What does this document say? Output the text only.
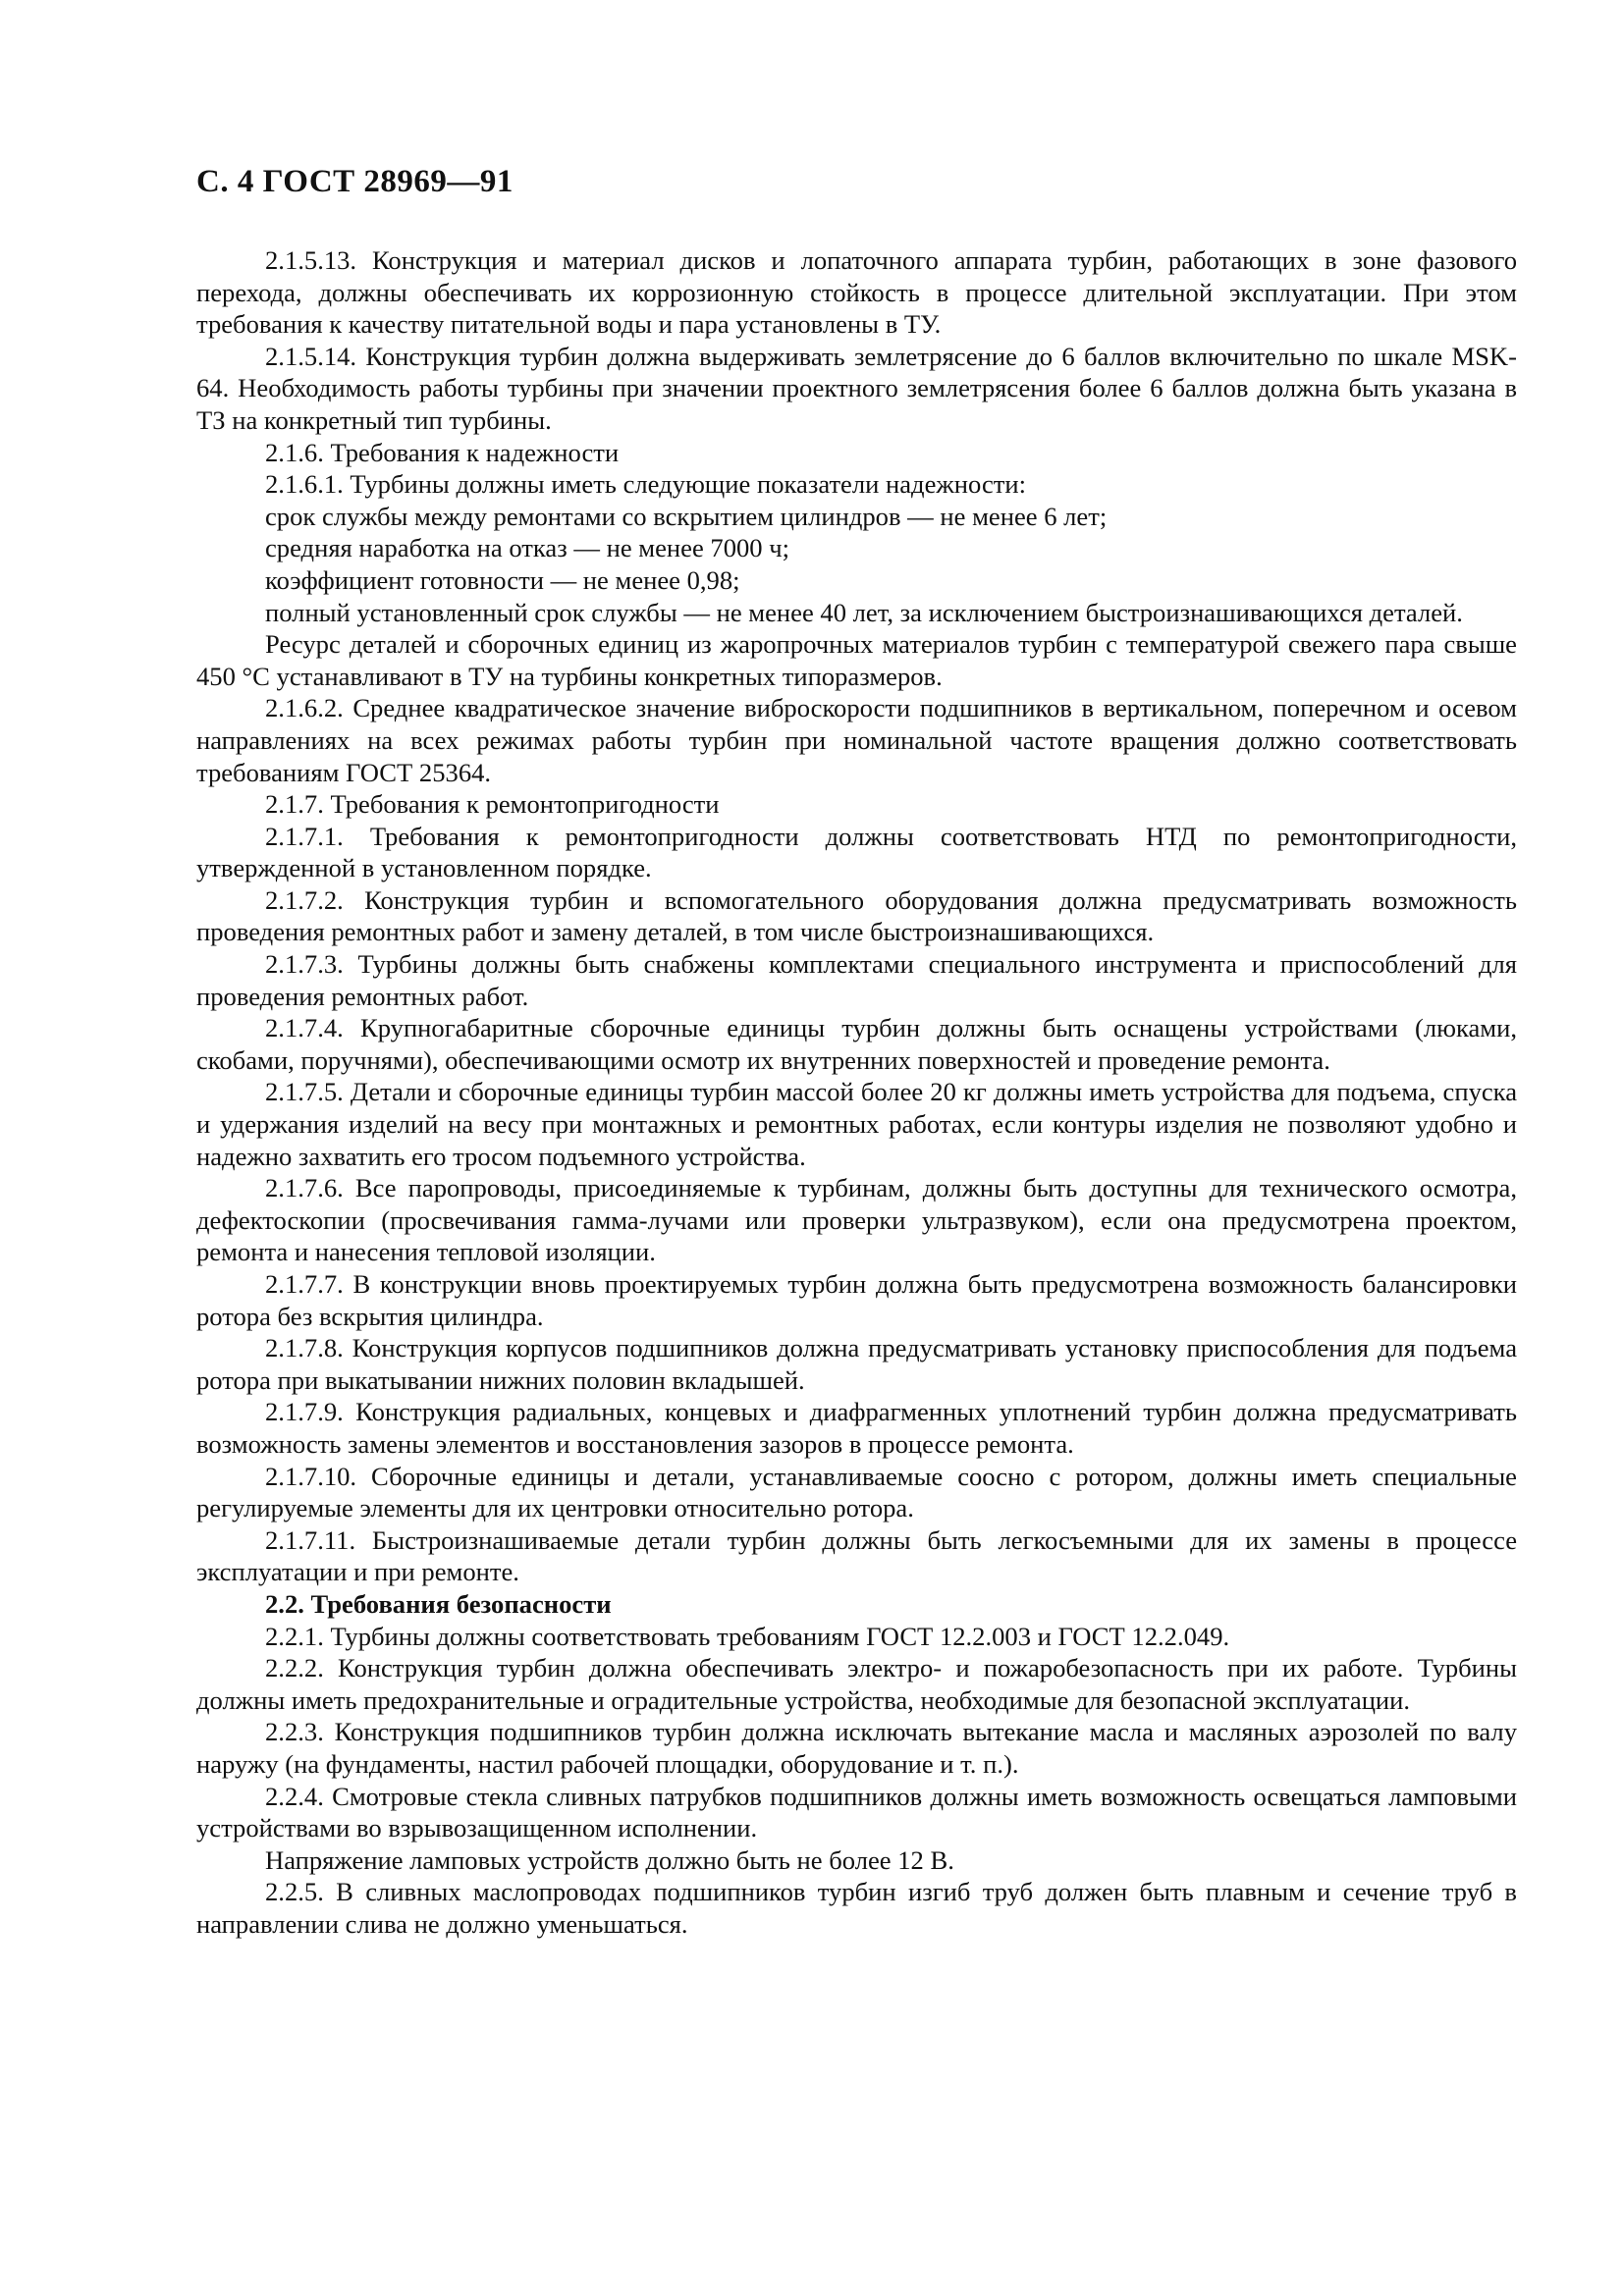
С. 4 ГОСТ 28969—91

2.1.5.13. Конструкция и материал дисков и лопаточного аппарата турбин, работающих в зоне фазового перехода, должны обеспечивать их коррозионную стойкость в процессе длительной эксплуатации. При этом требования к качеству питательной воды и пара установлены в ТУ.

2.1.5.14. Конструкция турбин должна выдерживать землетрясение до 6 баллов включительно по шкале MSK-64. Необходимость работы турбины при значении проектного землетрясения более 6 баллов должна быть указана в ТЗ на конкретный тип турбины.

2.1.6. Требования к надежности

2.1.6.1. Турбины должны иметь следующие показатели надежности:

срок службы между ремонтами со вскрытием цилиндров — не менее 6 лет;

средняя наработка на отказ — не менее 7000 ч;

коэффициент готовности — не менее 0,98;

полный установленный срок службы — не менее 40 лет, за исключением быстроизнашивающихся деталей.

Ресурс деталей и сборочных единиц из жаропрочных материалов турбин с температурой свежего пара свыше 450 °С устанавливают в ТУ на турбины конкретных типоразмеров.

2.1.6.2. Среднее квадратическое значение виброскорости подшипников в вертикальном, поперечном и осевом направлениях на всех режимах работы турбин при номинальной частоте вращения должно соответствовать требованиям ГОСТ 25364.

2.1.7. Требования к ремонтопригодности

2.1.7.1. Требования к ремонтопригодности должны соответствовать НТД по ремонтопригодности, утвержденной в установленном порядке.

2.1.7.2. Конструкция турбин и вспомогательного оборудования должна предусматривать возможность проведения ремонтных работ и замену деталей, в том числе быстроизнашивающихся.

2.1.7.3. Турбины должны быть снабжены комплектами специального инструмента и приспособлений для проведения ремонтных работ.

2.1.7.4. Крупногабаритные сборочные единицы турбин должны быть оснащены устройствами (люками, скобами, поручнями), обеспечивающими осмотр их внутренних поверхностей и проведение ремонта.

2.1.7.5. Детали и сборочные единицы турбин массой более 20 кг должны иметь устройства для подъема, спуска и удержания изделий на весу при монтажных и ремонтных работах, если контуры изделия не позволяют удобно и надежно захватить его тросом подъемного устройства.

2.1.7.6. Все паропроводы, присоединяемые к турбинам, должны быть доступны для технического осмотра, дефектоскопии (просвечивания гамма-лучами или проверки ультразвуком), если она предусмотрена проектом, ремонта и нанесения тепловой изоляции.

2.1.7.7. В конструкции вновь проектируемых турбин должна быть предусмотрена возможность балансировки ротора без вскрытия цилиндра.

2.1.7.8. Конструкция корпусов подшипников должна предусматривать установку приспособления для подъема ротора при выкатывании нижних половин вкладышей.

2.1.7.9. Конструкция радиальных, концевых и диафрагменных уплотнений турбин должна предусматривать возможность замены элементов и восстановления зазоров в процессе ремонта.

2.1.7.10. Сборочные единицы и детали, устанавливаемые соосно с ротором, должны иметь специальные регулируемые элементы для их центровки относительно ротора.

2.1.7.11. Быстроизнашиваемые детали турбин должны быть легкосъемными для их замены в процессе эксплуатации и при ремонте.

2.2. Требования безопасности

2.2.1. Турбины должны соответствовать требованиям ГОСТ 12.2.003 и ГОСТ 12.2.049.

2.2.2. Конструкция турбин должна обеспечивать электро- и пожаробезопасность при их работе. Турбины должны иметь предохранительные и оградительные устройства, необходимые для безопасной эксплуатации.

2.2.3. Конструкция подшипников турбин должна исключать вытекание масла и масляных аэрозолей по валу наружу (на фундаменты, настил рабочей площадки, оборудование и т. п.).

2.2.4. Смотровые стекла сливных патрубков подшипников должны иметь возможность освещаться ламповыми устройствами во взрывозащищенном исполнении.

Напряжение ламповых устройств должно быть не более 12 В.

2.2.5. В сливных маслопроводах подшипников турбин изгиб труб должен быть плавным и сечение труб в направлении слива не должно уменьшаться.
